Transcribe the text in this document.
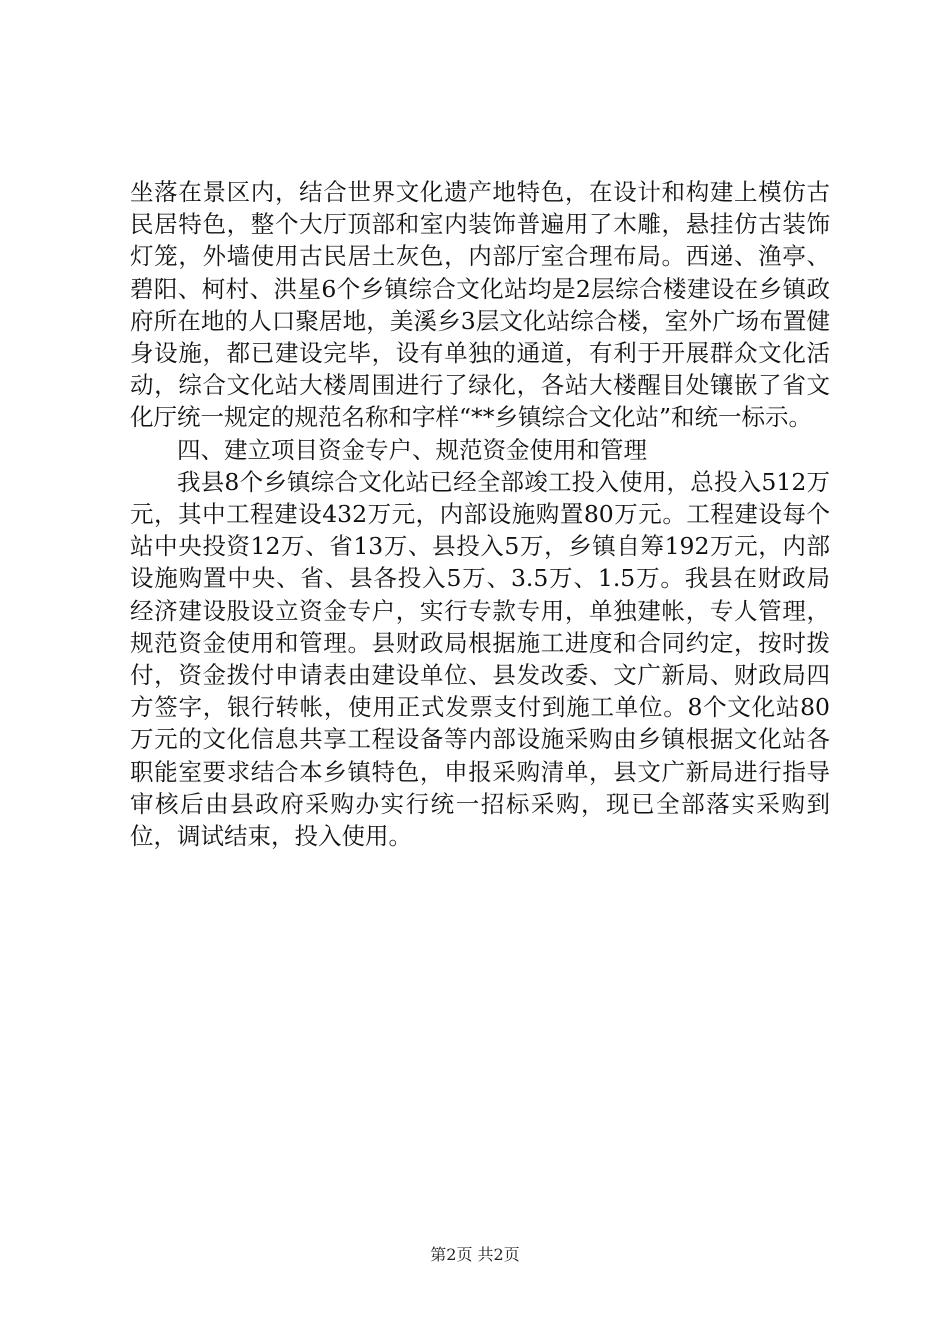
坐落在景区内，结合世界文化遗产地特色，在设计和构建上模仿古民居特色，整个大厅顶部和室内装饰普遍用了木雕，悬挂仿古装饰灯笼，外墙使用古民居土灰色，内部厅室合理布局。西递、渔亭、碧阳、柯村、洪星6个乡镇综合文化站均是2层综合楼建设在乡镇政府所在地的人口聚居地，美溪乡3层文化站综合楼，室外广场布置健身设施，都已建设完毕，设有单独的通道，有利于开展群众文化活动，综合文化站大楼周围进行了绿化，各站大楼醒目处镶嵌了省文化厅统一规定的规范名称和字样“**乡镇综合文化站”和统一标示。

四、建立项目资金专户、规范资金使用和管理

我县8个乡镇综合文化站已经全部竣工投入使用，总投入512万元，其中工程建设432万元，内部设施购置80万元。工程建设每个站中央投资12万、省13万、县投入5万，乡镇自筹192万元，内部设施购置中央、省、县各投入5万、3.5万、1.5万。我县在财政局经济建设股设立资金专户，实行专款专用，单独建帐，专人管理，规范资金使用和管理。县财政局根据施工进度和合同约定，按时拨付，资金拨付申请表由建设单位、县发改委、文广新局、财政局四方签字，银行转帐，使用正式发票支付到施工单位。8个文化站80万元的文化信息共享工程设备等内部设施采购由乡镇根据文化站各职能室要求结合本乡镇特色，申报采购清单，县文广新局进行指导审核后由县政府采购办实行统一招标采购，现已全部落实采购到位，调试结束，投入使用。

第2页 共2页
